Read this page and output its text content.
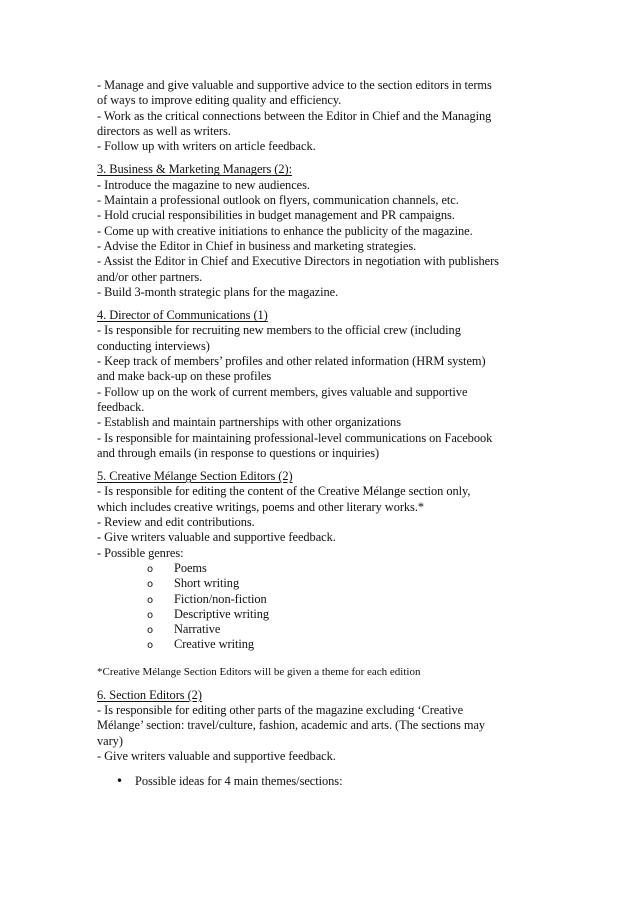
- Manage and give valuable and supportive advice to the section editors in terms
of ways to improve editing quality and efficiency.
- Work as the critical connections between the Editor in Chief and the Managing
directors as well as writers.
- Follow up with writers on article feedback.
3. Business & Marketing Managers (2):
- Introduce the magazine to new audiences.
- Maintain a professional outlook on flyers, communication channels, etc.
- Hold crucial responsibilities in budget management and PR campaigns.
- Come up with creative initiations to enhance the publicity of the magazine.
- Advise the Editor in Chief in business and marketing strategies.
- Assist the Editor in Chief and Executive Directors in negotiation with publishers
and/or other partners.
- Build 3-month strategic plans for the magazine.
4. Director of Communications (1)
- Is responsible for recruiting new members to the official crew (including
conducting interviews)
- Keep track of members’ profiles and other related information (HRM system)
and make back-up on these profiles
- Follow up on the work of current members, gives valuable and supportive
feedback.
- Establish and maintain partnerships with other organizations
- Is responsible for maintaining professional-level communications on Facebook
and through emails (in response to questions or inquiries)
5. Creative Mélange Section Editors (2)
- Is responsible for editing the content of the Creative Mélange section only,
which includes creative writings, poems and other literary works.*
- Review and edit contributions.
- Give writers valuable and supportive feedback.
- Possible genres:
o Poems
o Short writing
o Fiction/non-fiction
o Descriptive writing
o Narrative
o Creative writing
*Creative Mélange Section Editors will be given a theme for each edition
6. Section Editors (2)
- Is responsible for editing other parts of the magazine excluding ‘Creative
Mélange’ section: travel/culture, fashion, academic and arts. (The sections may
vary)
- Give writers valuable and supportive feedback.
• Possible ideas for 4 main themes/sections:
